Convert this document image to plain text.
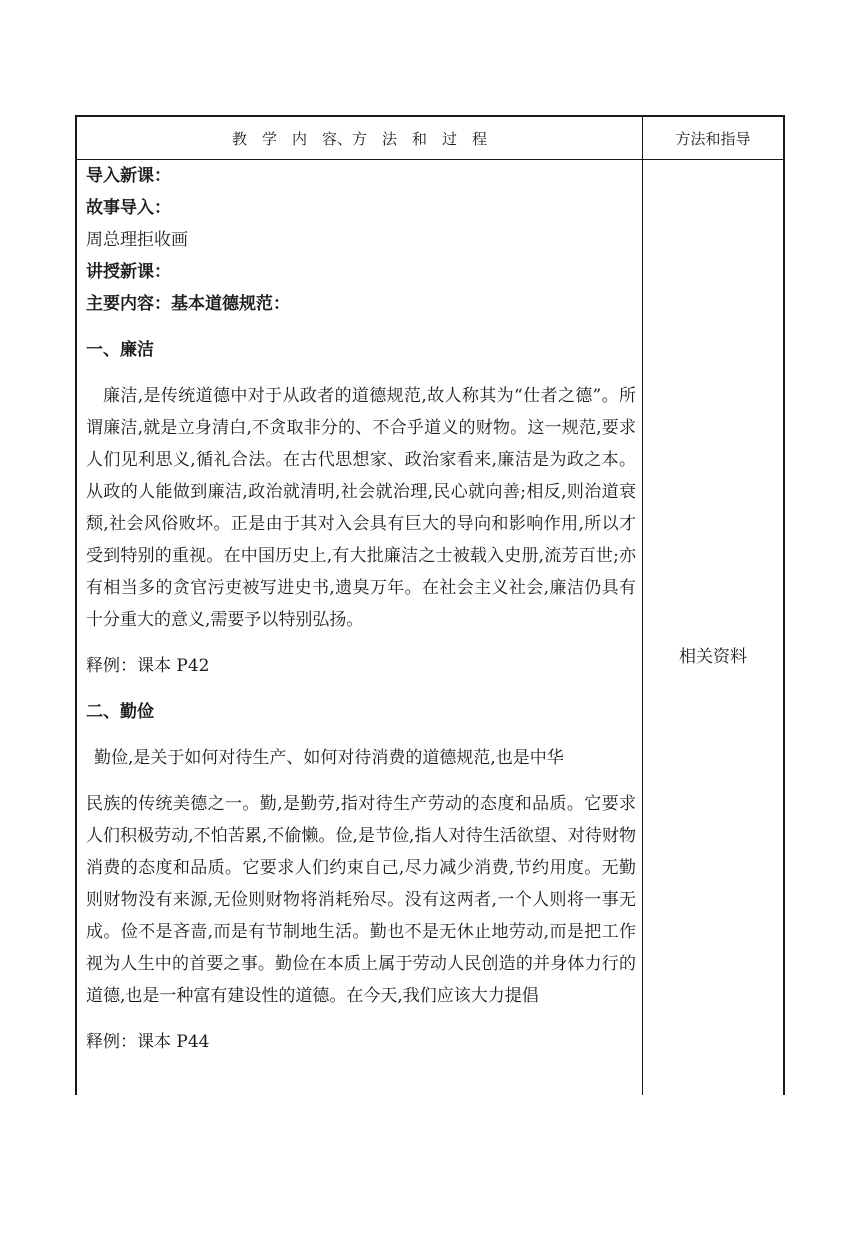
教　学　内　容、方　法　和　过　程	方法和指导

导入新课：

故事导入：

周总理拒收画

讲授新课：

主要内容：基本道德规范：

一、廉洁

廉洁,是传统道德中对于从政者的道德规范,故人称其为“仕者之德”。所谓廉洁,就是立身清白,不贪取非分的、不合乎道义的财物。这一规范,要求人们见利思义,循礼合法。在古代思想家、政治家看来,廉洁是为政之本。从政的人能做到廉洁,政治就清明,社会就治理,民心就向善;相反,则治道衰颓,社会风俗败坏。正是由于其对入会具有巨大的导向和影响作用,所以才受到特别的重视。在中国历史上,有大批廉洁之士被载入史册,流芳百世;亦有相当多的贪官污吏被写进史书,遗臭万年。在社会主义社会,廉洁仍具有十分重大的意义,需要予以特别弘扬。

释例：课本 P42

二、勤俭

勤俭,是关于如何对待生产、如何对待消费的道德规范,也是中华

民族的传统美德之一。勤,是勤劳,指对待生产劳动的态度和品质。它要求人们积极劳动,不怕苦累,不偷懒。俭,是节俭,指人对待生活欲望、对待财物消费的态度和品质。它要求人们约束自己,尽力减少消费,节约用度。无勤则财物没有来源,无俭则财物将消耗殆尽。没有这两者,一个人则将一事无成。俭不是吝啬,而是有节制地生活。勤也不是无休止地劳动,而是把工作视为人生中的首要之事。勤俭在本质上属于劳动人民创造的并身体力行的道德,也是一种富有建设性的道德。在今天,我们应该大力提倡

释例：课本 P44

相关资料
